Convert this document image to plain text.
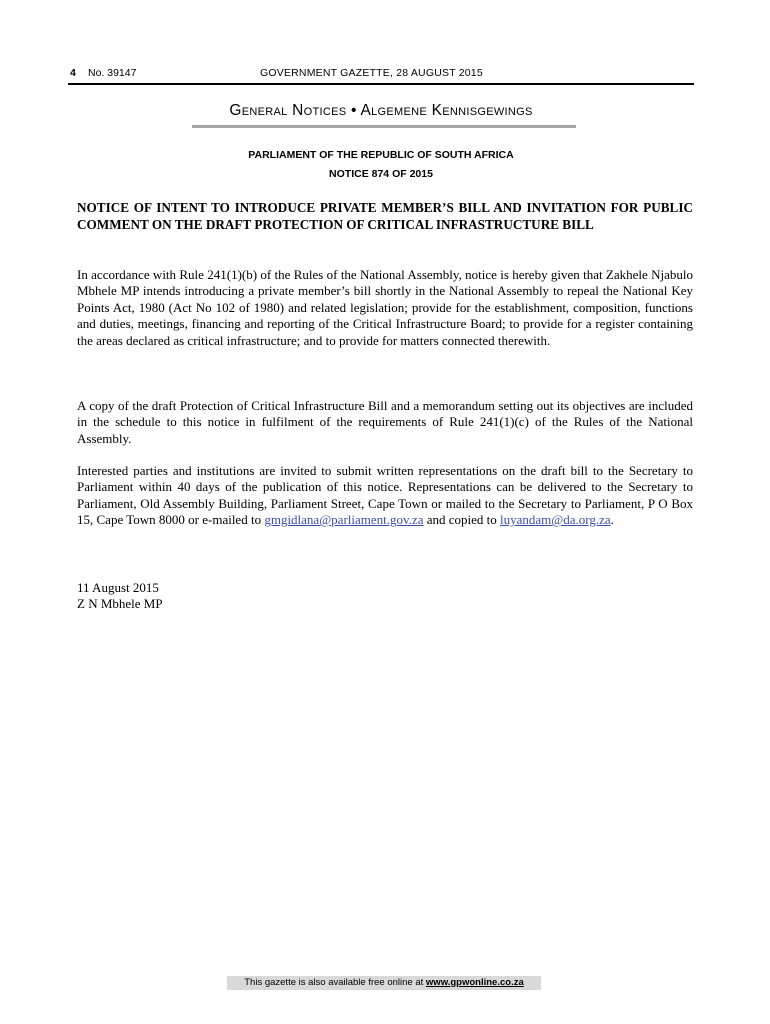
4 No. 39147	GOVERNMENT GAZETTE, 28 AUGUST 2015
General Notices • Algemene Kennisgewings
PARLIAMENT OF THE REPUBLIC OF SOUTH AFRICA
NOTICE 874 OF 2015

NOTICE OF INTENT TO INTRODUCE PRIVATE MEMBER’S BILL AND INVITATION FOR PUBLIC COMMENT ON THE DRAFT PROTECTION OF CRITICAL INFRASTRUCTURE BILL

In accordance with Rule 241(1)(b) of the Rules of the National Assembly, notice is hereby given that Zakhele Njabulo Mbhele MP intends introducing a private member’s bill shortly in the National Assembly to repeal the National Key Points Act, 1980 (Act No 102 of 1980) and related legislation; provide for the establishment, composition, functions and duties, meetings, financing and reporting of the Critical Infrastructure Board; to provide for a register containing the areas declared as critical infrastructure; and to provide for matters connected therewith.

A copy of the draft Protection of Critical Infrastructure Bill and a memorandum setting out its objectives are included in the schedule to this notice in fulfilment of the requirements of Rule 241(1)(c) of the Rules of the National Assembly.

Interested parties and institutions are invited to submit written representations on the draft bill to the Secretary to Parliament within 40 days of the publication of this notice. Representations can be delivered to the Secretary to Parliament, Old Assembly Building, Parliament Street, Cape Town or mailed to the Secretary to Parliament, P O Box 15, Cape Town 8000 or e-mailed to gmgidlana@parliament.gov.za and copied to luyandam@da.org.za.

11 August 2015
Z N Mbhele MP
This gazette is also available free online at www.gpwonline.co.za
